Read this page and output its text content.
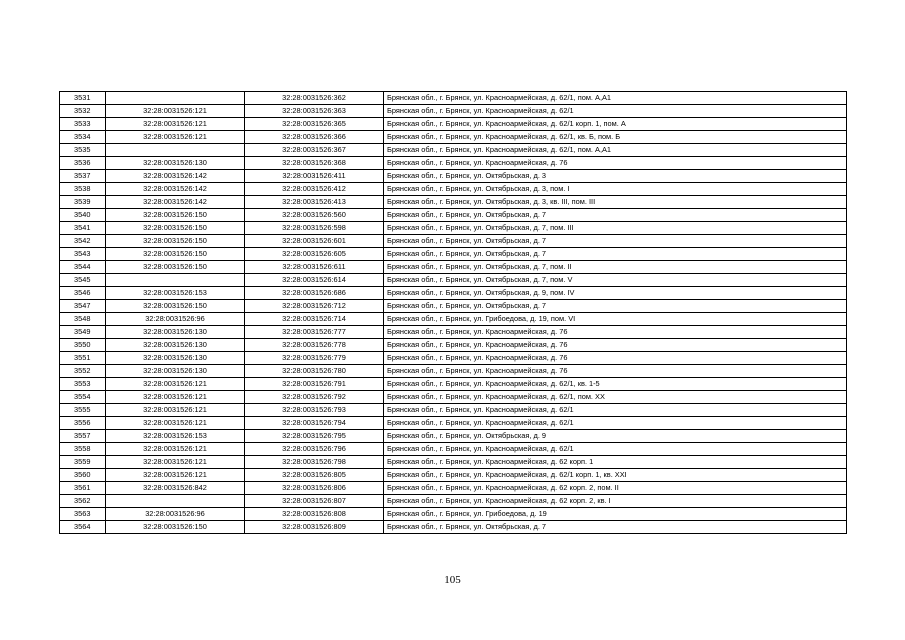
3531		32:28:0031526:362	Брянская обл., г. Брянск, ул. Красноармейская, д. 62/1, пом. А,А1
3532	32:28:0031526:121	32:28:0031526:363	Брянская обл., г. Брянск, ул. Красноармейская, д. 62/1
3533	32:28:0031526:121	32:28:0031526:365	Брянская обл., г. Брянск, ул. Красноармейская, д. 62/1 корп. 1, пом. А
3534	32:28:0031526:121	32:28:0031526:366	Брянская обл., г. Брянск, ул. Красноармейская, д. 62/1, кв. Б, пом. Б
3535		32:28:0031526:367	Брянская обл., г. Брянск, ул. Красноармейская, д. 62/1, пом. А,А1
3536	32:28:0031526:130	32:28:0031526:368	Брянская обл., г. Брянск, ул. Красноармейская, д. 76
3537	32:28:0031526:142	32:28:0031526:411	Брянская обл., г. Брянск, ул. Октябрьская, д. 3
3538	32:28:0031526:142	32:28:0031526:412	Брянская обл., г. Брянск, ул. Октябрьская, д. 3, пом. I
3539	32:28:0031526:142	32:28:0031526:413	Брянская обл., г. Брянск, ул. Октябрьская, д. 3, кв. III, пом. III
3540	32:28:0031526:150	32:28:0031526:560	Брянская обл., г. Брянск, ул. Октябрьская, д. 7
3541	32:28:0031526:150	32:28:0031526:598	Брянская обл., г. Брянск, ул. Октябрьская, д. 7, пом. III
3542	32:28:0031526:150	32:28:0031526:601	Брянская обл., г. Брянск, ул. Октябрьская, д. 7
3543	32:28:0031526:150	32:28:0031526:605	Брянская обл., г. Брянск, ул. Октябрьская, д. 7
3544	32:28:0031526:150	32:28:0031526:611	Брянская обл., г. Брянск, ул. Октябрьская, д. 7, пом. II
3545		32:28:0031526:614	Брянская обл., г. Брянск, ул. Октябрьская, д. 7, пом. V
3546	32:28:0031526:153	32:28:0031526:686	Брянская обл., г. Брянск, ул. Октябрьская, д. 9, пом. IV
3547	32:28:0031526:150	32:28:0031526:712	Брянская обл., г. Брянск, ул. Октябрьская, д. 7
3548	32:28:0031526:96	32:28:0031526:714	Брянская обл., г. Брянск, ул. Грибоедова, д. 19, пом. VI
3549	32:28:0031526:130	32:28:0031526:777	Брянская обл., г. Брянск, ул. Красноармейская, д. 76
3550	32:28:0031526:130	32:28:0031526:778	Брянская обл., г. Брянск, ул. Красноармейская, д. 76
3551	32:28:0031526:130	32:28:0031526:779	Брянская обл., г. Брянск, ул. Красноармейская, д. 76
3552	32:28:0031526:130	32:28:0031526:780	Брянская обл., г. Брянск, ул. Красноармейская, д. 76
3553	32:28:0031526:121	32:28:0031526:791	Брянская обл., г. Брянск, ул. Красноармейская, д. 62/1, кв. 1-5
3554	32:28:0031526:121	32:28:0031526:792	Брянская обл., г. Брянск, ул. Красноармейская, д. 62/1, пом. XX
3555	32:28:0031526:121	32:28:0031526:793	Брянская обл., г. Брянск, ул. Красноармейская, д. 62/1
3556	32:28:0031526:121	32:28:0031526:794	Брянская обл., г. Брянск, ул. Красноармейская, д. 62/1
3557	32:28:0031526:153	32:28:0031526:795	Брянская обл., г. Брянск, ул. Октябрьская, д. 9
3558	32:28:0031526:121	32:28:0031526:796	Брянская обл., г. Брянск, ул. Красноармейская, д. 62/1
3559	32:28:0031526:121	32:28:0031526:798	Брянская обл., г. Брянск, ул. Красноармейская, д. 62 корп. 1
3560	32:28:0031526:121	32:28:0031526:805	Брянская обл., г. Брянск, ул. Красноармейская, д. 62/1 корп. 1, кв. XXI
3561	32:28:0031526:842	32:28:0031526:806	Брянская обл., г. Брянск, ул. Красноармейская, д. 62 корп. 2, пом. II
3562		32:28:0031526:807	Брянская обл., г. Брянск, ул. Красноармейская, д. 62 корп. 2, кв. I
3563	32:28:0031526:96	32:28:0031526:808	Брянская обл., г. Брянск, ул. Грибоедова, д. 19
3564	32:28:0031526:150	32:28:0031526:809	Брянская обл., г. Брянск, ул. Октябрьская, д. 7
105
